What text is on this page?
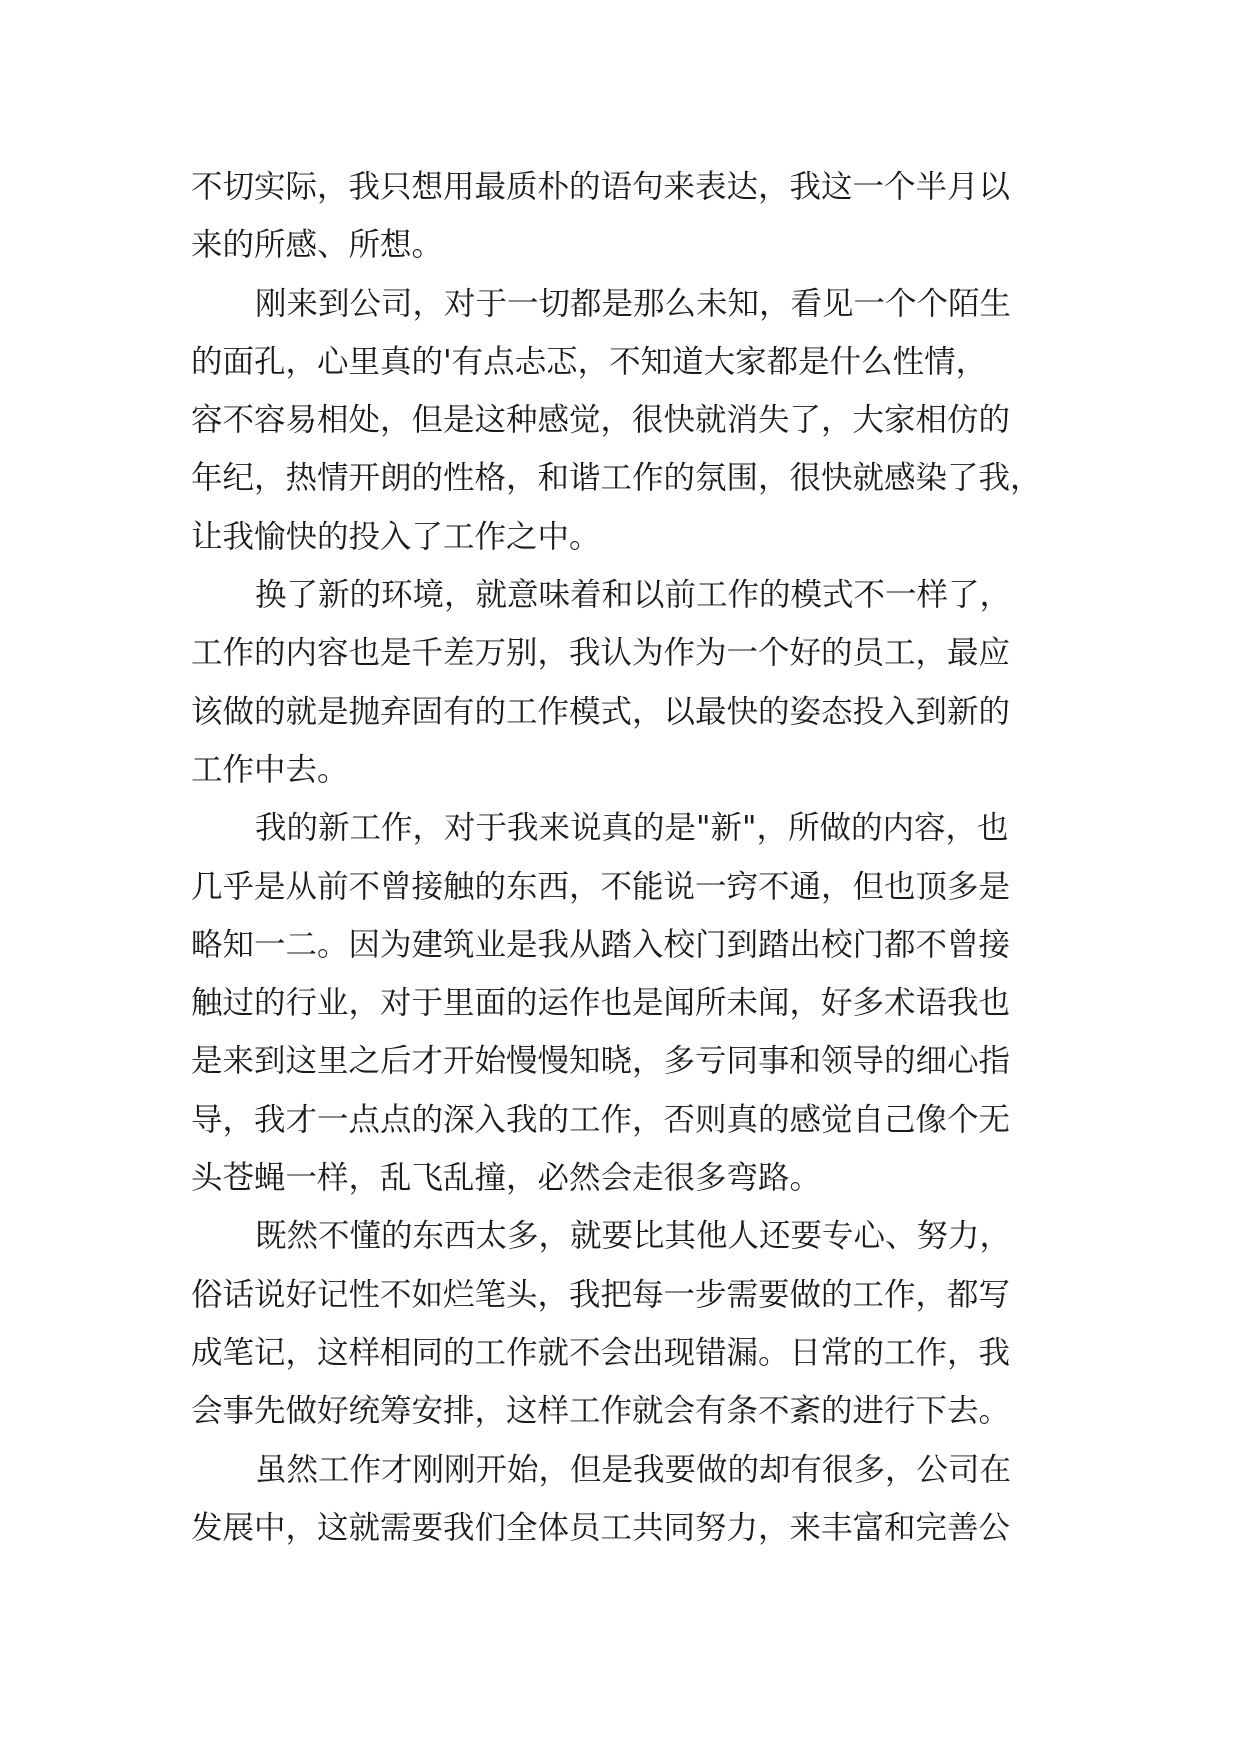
不切实际，我只想用最质朴的语句来表达，我这一个半月以
来的所感、所想。
刚来到公司，对于一切都是那么未知，看见一个个陌生
的面孔，心里真的'有点忐忑，不知道大家都是什么性情，
容不容易相处，但是这种感觉，很快就消失了，大家相仿的
年纪，热情开朗的性格，和谐工作的氛围，很快就感染了我，
让我愉快的投入了工作之中。
换了新的环境，就意味着和以前工作的模式不一样了，
工作的内容也是千差万别，我认为作为一个好的员工，最应
该做的就是抛弃固有的工作模式，以最快的姿态投入到新的
工作中去。
我的新工作，对于我来说真的是"新"，所做的内容，也
几乎是从前不曾接触的东西，不能说一窍不通，但也顶多是
略知一二。因为建筑业是我从踏入校门到踏出校门都不曾接
触过的行业，对于里面的运作也是闻所未闻，好多术语我也
是来到这里之后才开始慢慢知晓，多亏同事和领导的细心指
导，我才一点点的深入我的工作，否则真的感觉自己像个无
头苍蝇一样，乱飞乱撞，必然会走很多弯路。
既然不懂的东西太多，就要比其他人还要专心、努力，
俗话说好记性不如烂笔头，我把每一步需要做的工作，都写
成笔记，这样相同的工作就不会出现错漏。日常的工作，我
会事先做好统筹安排，这样工作就会有条不紊的进行下去。
虽然工作才刚刚开始，但是我要做的却有很多，公司在
发展中，这就需要我们全体员工共同努力，来丰富和完善公
